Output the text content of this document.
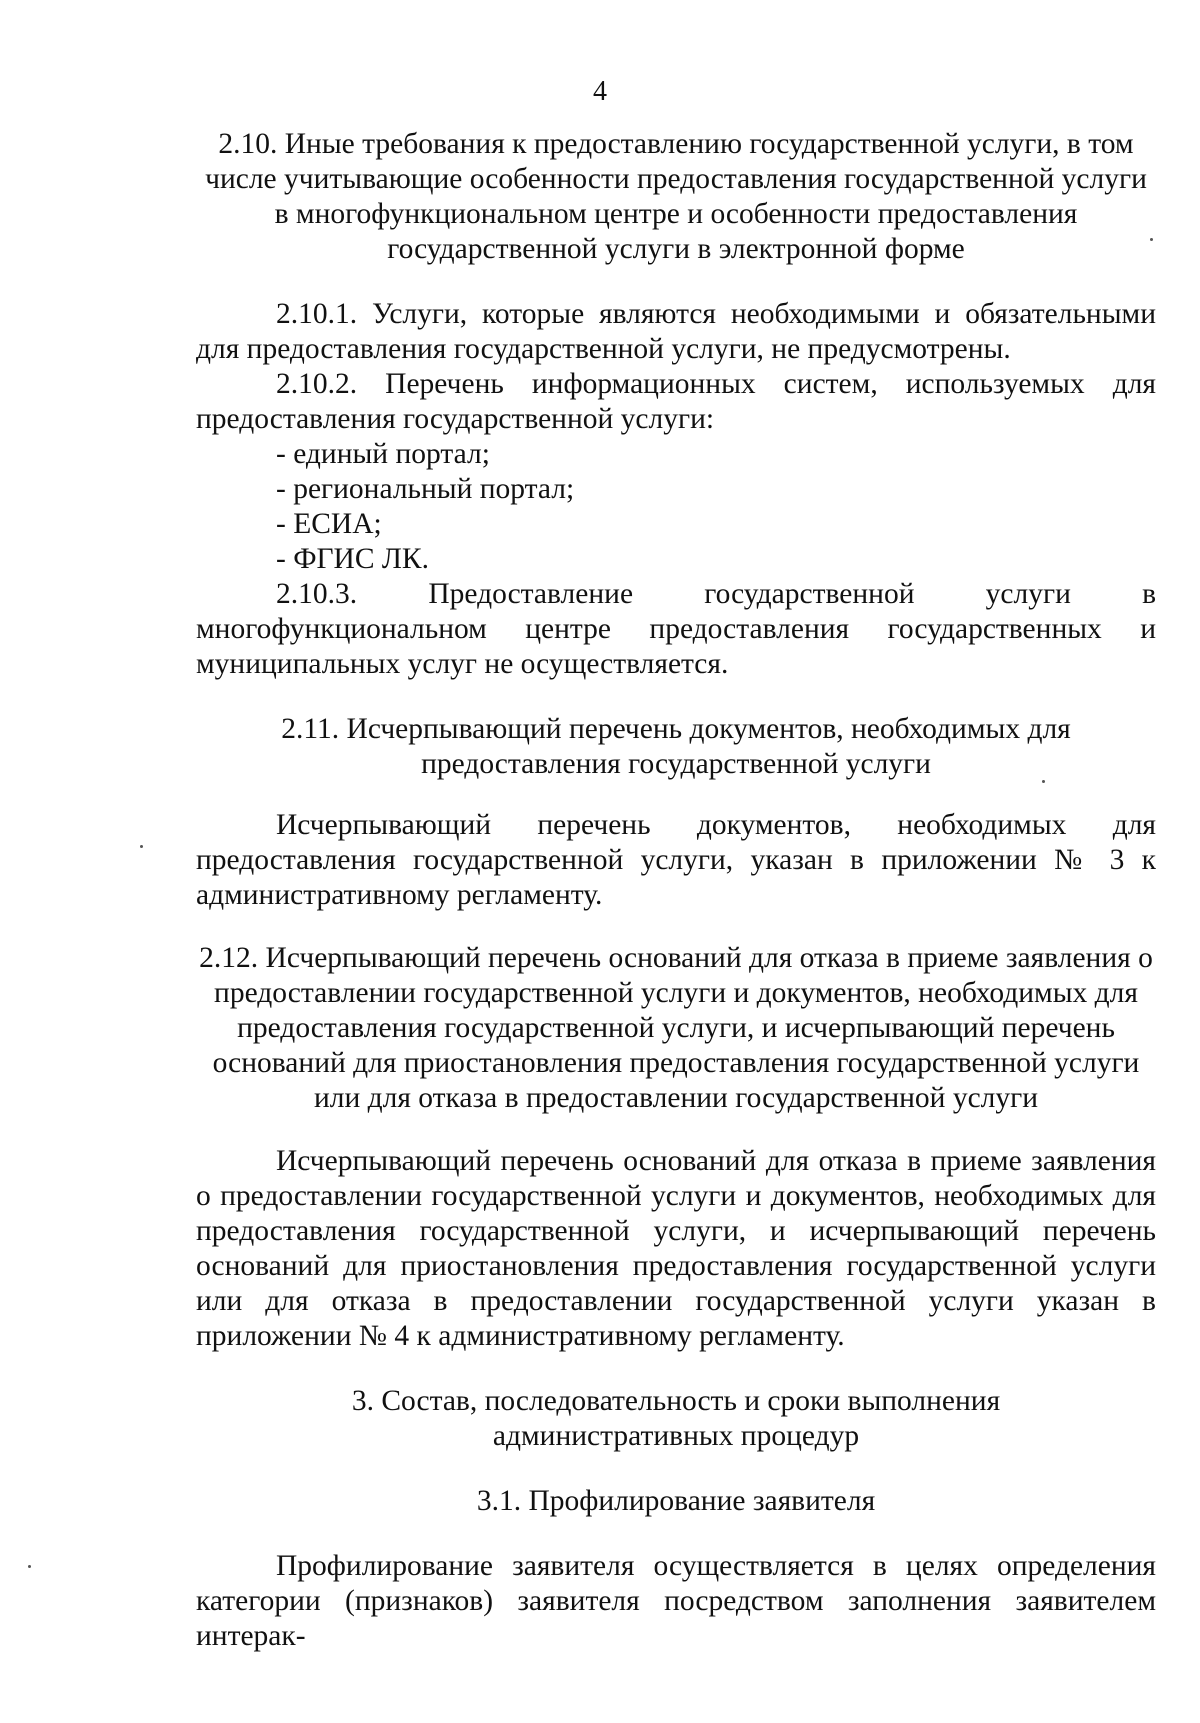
4

2.10. Иные требования к предоставлению государственной услуги, в том числе учитывающие особенности предоставления государственной услуги в многофункциональном центре и особенности предоставления государственной услуги в электронной форме

2.10.1. Услуги, которые являются необходимыми и обязательными для предоставления государственной услуги, не предусмотрены.

2.10.2. Перечень информационных систем, используемых для предоставления государственной услуги:

- единый портал;

- региональный портал;

- ЕСИА;

- ФГИС ЛК.

2.10.3. Предоставление государственной услуги в многофункциональном центре предоставления государственных и муниципальных услуг не осуществляется.

2.11. Исчерпывающий перечень документов, необходимых для предоставления государственной услуги

Исчерпывающий перечень документов, необходимых для предоставления государственной услуги, указан в приложении № 3 к административному регламенту.

2.12. Исчерпывающий перечень оснований для отказа в приеме заявления о предоставлении государственной услуги и документов, необходимых для предоставления государственной услуги, и исчерпывающий перечень оснований для приостановления предоставления государственной услуги или для отказа в предоставлении государственной услуги

Исчерпывающий перечень оснований для отказа в приеме заявления о предоставлении государственной услуги и документов, необходимых для предоставления государственной услуги, и исчерпывающий перечень оснований для приостановления предоставления государственной услуги или для отказа в предоставлении государственной услуги указан в приложении № 4 к административному регламенту.

3. Состав, последовательность и сроки выполнения

административных процедур

3.1. Профилирование заявителя

Профилирование заявителя осуществляется в целях определения категории (признаков) заявителя посредством заполнения заявителем интерак-
